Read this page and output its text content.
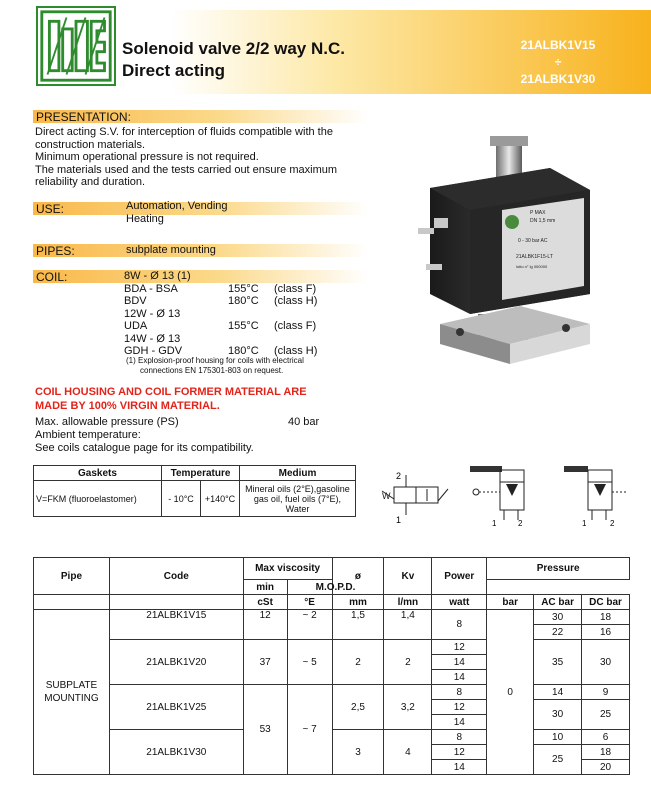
Solenoid valve 2/2 way N.C.
Direct acting
21ALBK1V15
÷
21ALBK1V30
PRESENTATION:
Direct acting S.V. for interception of fluids compatible with the
construction materials.
Minimum operational pressure is not required.
The materials used and the tests carried out ensure maximum
reliability and duration.
USE:	Automation, Vending
Heating
PIPES:	subplate mounting
COIL:	8W - Ø 13 (1)		
BDA - BSA	155°C	(class F)
BDV	180°C	(class H)
12W - Ø 13		
UDA	155°C	(class F)
14W - Ø 13		
GDH - GDV	180°C	(class H)
(1) Explosion-proof housing for coils with electrical
connections EN 175301-803 on request.
COIL HOUSING AND COIL FORMER MATERIAL ARE
MADE BY 100% VIRGIN MATERIAL.
Max. allowable pressure (PS)	40 bar
Ambient temperature:
See coils catalogue page for its compatibility.
P MAX
DN 1,5 mm
0 - 30 bar AC
21ALBK1F15-LT
lotto n° lg 000000
Gaskets	Temperature		Medium
V=FKM (fluoroelastomer)	- 10°C	+140°C	Mineral oils (2°E),gasoline gas oil, fuel oils (7°E), Water
2
1
W
1	2	1	2
Pipe	Code	Max viscosity		ø	Kv	Power	Pressure		
		min	M.O.P.D.						
		cSt	°E	mm	l/mn	watt	bar	AC bar	DC bar

SUBPLATE
MOUNTING	21ALBK1V15	12	~ 2	1,5	1,4	8	0	30	18
								22	16
	21ALBK1V20	37	~ 5	2	2	12		35	30
						14			
						14			
	21ALBK1V25	53	~ 7	2,5	3,2	8		14	9
						12		30	25
						14			
	21ALBK1V30			3	4	8		10	6
						12		25	18
						14			20
